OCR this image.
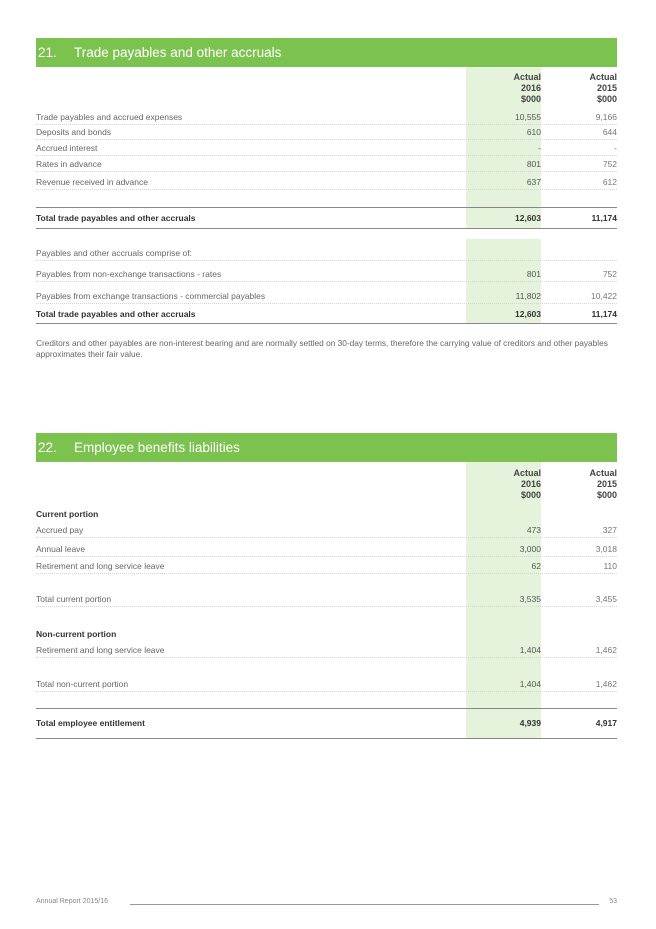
21.	Trade payables and other accruals
Actual
2016
$000
Actual
2015
$000
Trade payables and accrued expenses	10,555	9,166
Deposits and bonds	610	644
Accrued interest	-	-
Rates in advance	801	752
Revenue received in advance	637	612
Total trade payables and other accruals	12,603	11,174
Payables and other accruals comprise of:
Payables from non-exchange transactions - rates	801	752
Payables from exchange transactions - commercial payables	11,802	10,422
Total trade payables and other accruals	12,603	11,174
Creditors and other payables are non-interest bearing and are normally settled on 30-day terms, therefore the carrying value of creditors and other payables approximates their fair value.
22.	Employee benefits liabilities
Actual
2016
$000
Actual
2015
$000
Current portion
Accrued pay	473	327
Annual leave	3,000	3,018
Retirement and long service leave	62	110
Total current portion	3,535	3,455
Non-current portion
Retirement and long service leave	1,404	1,462
Total non-current portion	1,404	1,462
Total employee entitlement	4,939	4,917
Annual Report 2015/16	53
